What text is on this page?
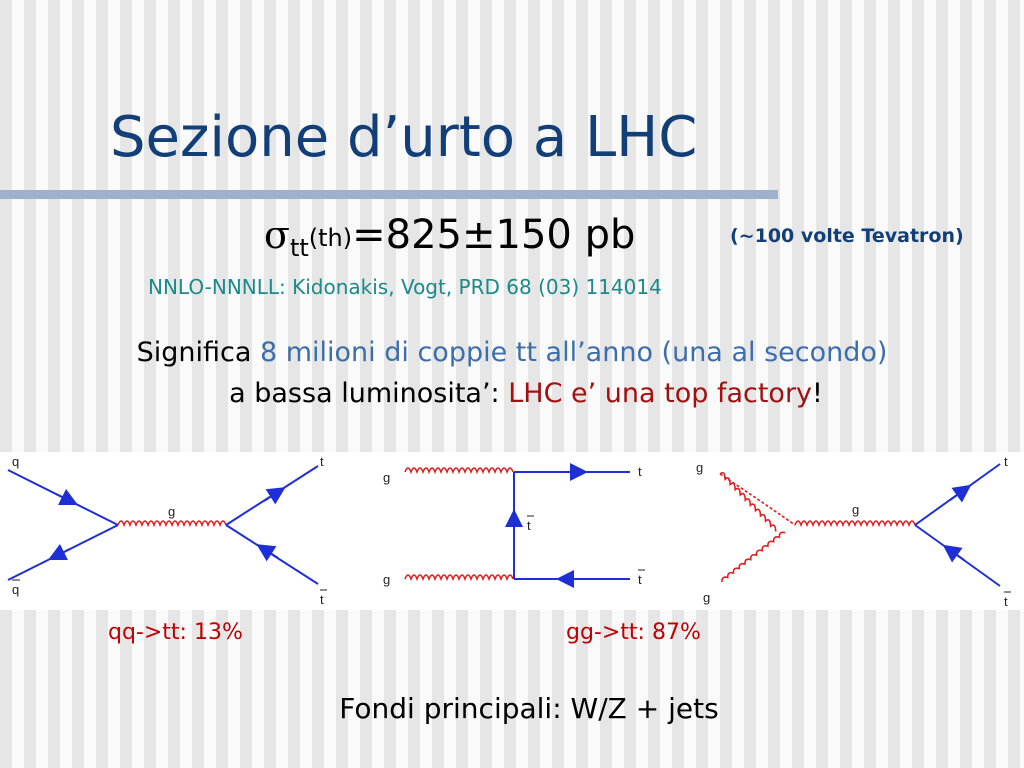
Sezione d’urto a LHC
$\sigma_{tt}(th)=825\pm 150$ pb	(~100 volte Tevatron)
NNLO-NNNLL: Kidonakis, Vogt, PRD 68 (03) 114014
Significa 8 milioni di coppie tt all’anno (una al secondo)
a bassa luminosita’: LHC e’ una top factory!
q
q
g
t
t
g
g
t
t
t
g
g
g
t
t
qq->tt: 13%	gg->tt: 87%
Fondi principali: W/Z + jets
